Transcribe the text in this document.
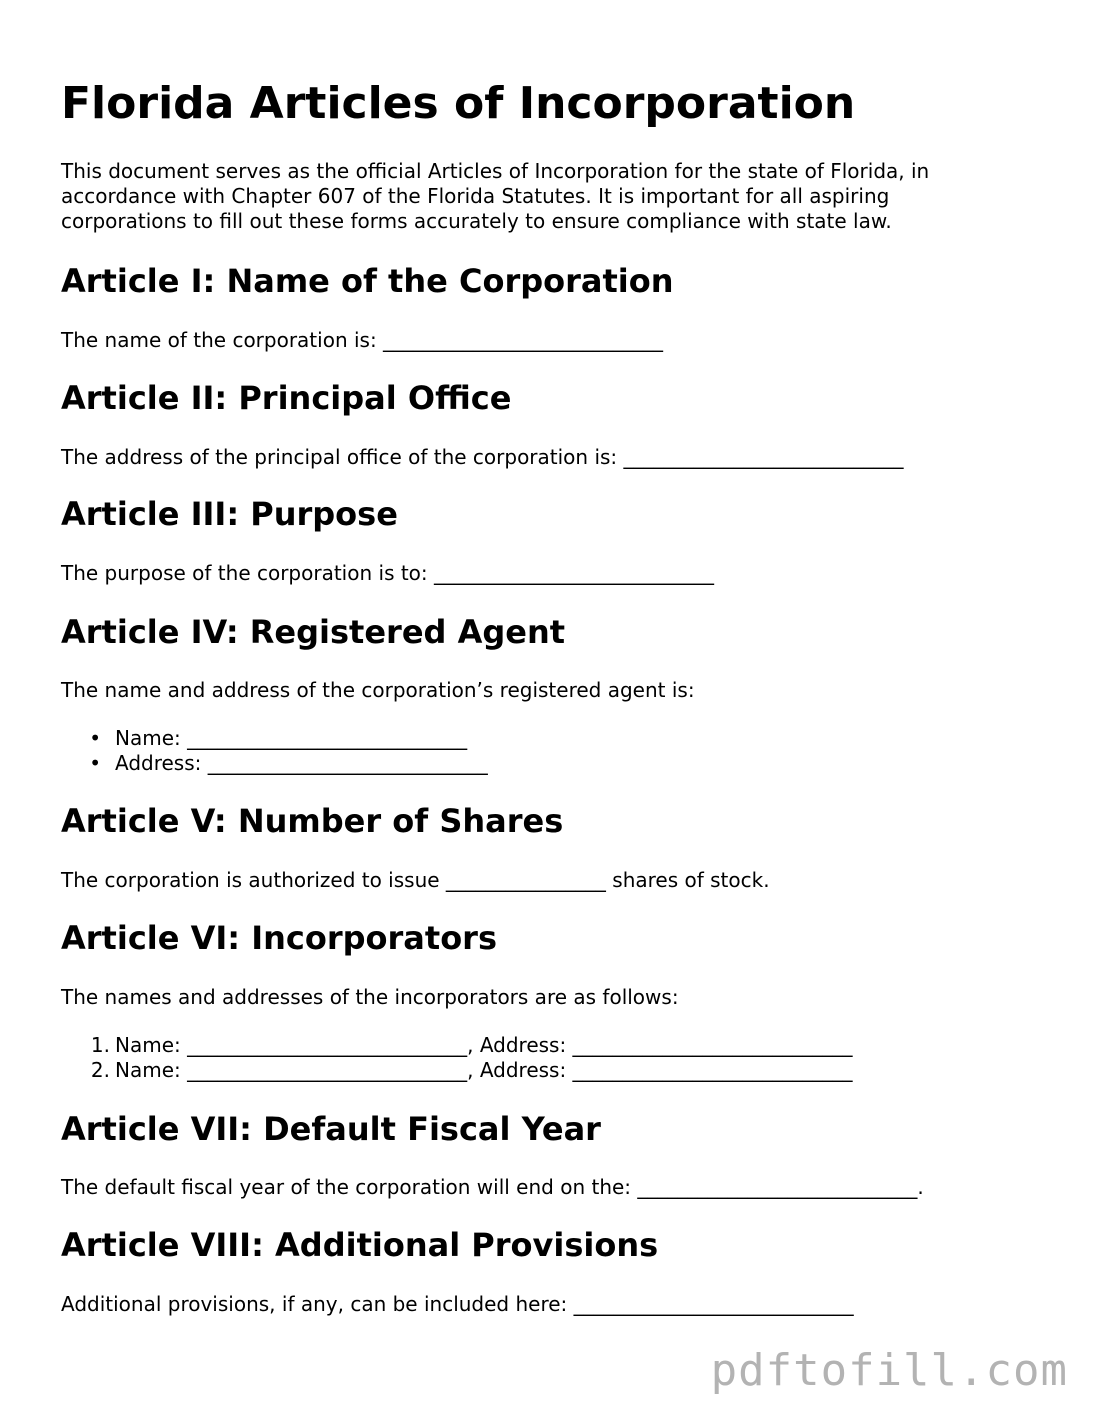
Florida Articles of Incorporation

This document serves as the official Articles of Incorporation for the state of Florida, in accordance with Chapter 607 of the Florida Statutes. It is important for all aspiring corporations to fill out these forms accurately to ensure compliance with state law.

Article I: Name of the Corporation

The name of the corporation is: ____________________________

Article II: Principal Office

The address of the principal office of the corporation is: ____________________________

Article III: Purpose

The purpose of the corporation is to: ____________________________

Article IV: Registered Agent

The name and address of the corporation’s registered agent is:

• Name: ____________________________

• Address: ____________________________

Article V: Number of Shares

The corporation is authorized to issue ________________ shares of stock.

Article VI: Incorporators

The names and addresses of the incorporators are as follows:

1. Name: ____________________________, Address: ____________________________

2. Name: ____________________________, Address: ____________________________

Article VII: Default Fiscal Year

The default fiscal year of the corporation will end on the: ____________________________.

Article VIII: Additional Provisions

Additional provisions, if any, can be included here: ____________________________

pdftofill.com
